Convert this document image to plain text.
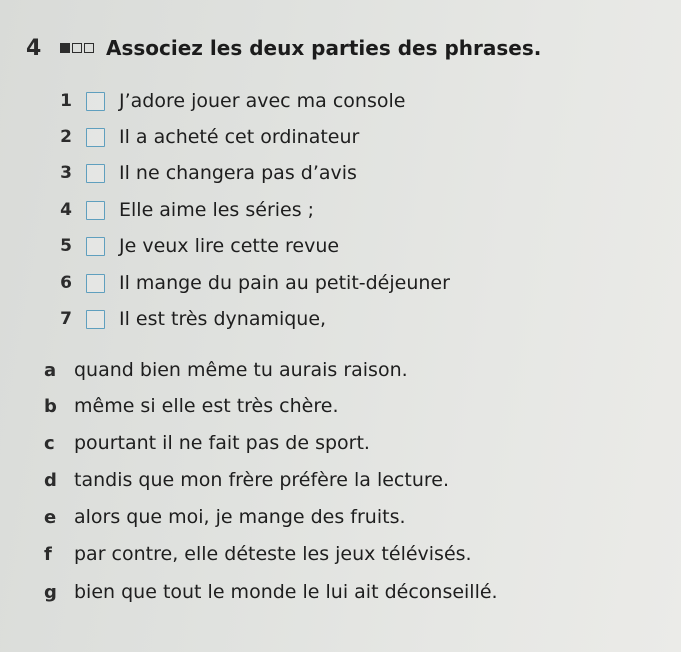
4	Associez les deux parties des phrases.
1 J’adore jouer avec ma console
2 Il a acheté cet ordinateur
3 Il ne changera pas d’avis
4 Elle aime les séries ;
5 Je veux lire cette revue
6 Il mange du pain au petit-déjeuner
7 Il est très dynamique,
a quand bien même tu aurais raison.
b même si elle est très chère.
c	pourtant il ne fait pas de sport.
d tandis que mon frère préfère la lecture.
e alors que moi, je mange des fruits.
f	par contre, elle déteste les jeux télévisés.
g bien que tout le monde le lui ait déconseillé.
